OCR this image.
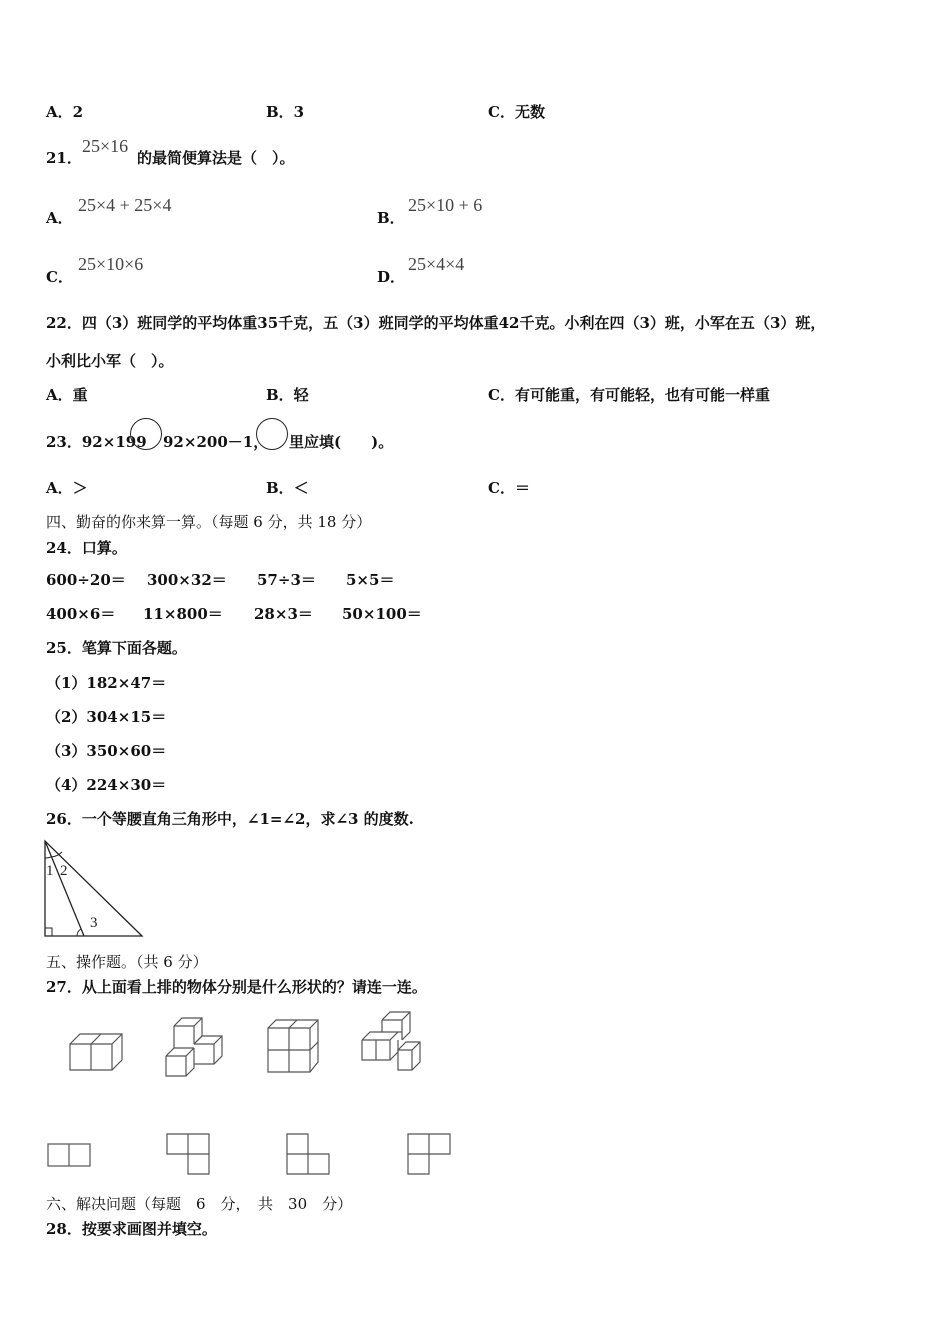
A．2	B．3	C．无数
21．
25×16
的最简便算法是（　）。
A．
25×4 + 25×4
B．
25×10 + 6
C．
25×10×6
D．
25×4×4
22．四（3）班同学的平均体重35千克，五（3）班同学的平均体重42千克。小利在四（3）班，小军在五（3）班，
小利比小军（　）。
A．重	B．轻	C．有可能重，有可能轻，也有可能一样重
23．92×199 92×200－1， 里应填(　　)。
A．＞	B．＜	C．＝
四、勤奋的你来算一算。（每题 6 分，共 18 分）
24．口算。
600÷20＝ 300×32＝ 57÷3＝ 5×5＝
400×6＝ 11×800＝ 28×3＝ 50×100＝
25．笔算下面各题。
（1）182×47＝
（2）304×15＝
（3）350×60＝
（4）224×30＝
26．一个等腰直角三角形中，∠1=∠2，求∠3 的度数.
1 2
3
五、操作题。（共 6 分）
27．从上面看上排的物体分别是什么形状的？请连一连。
六、解决问题（每题　6　分，　共　30　分）
28．按要求画图并填空。
